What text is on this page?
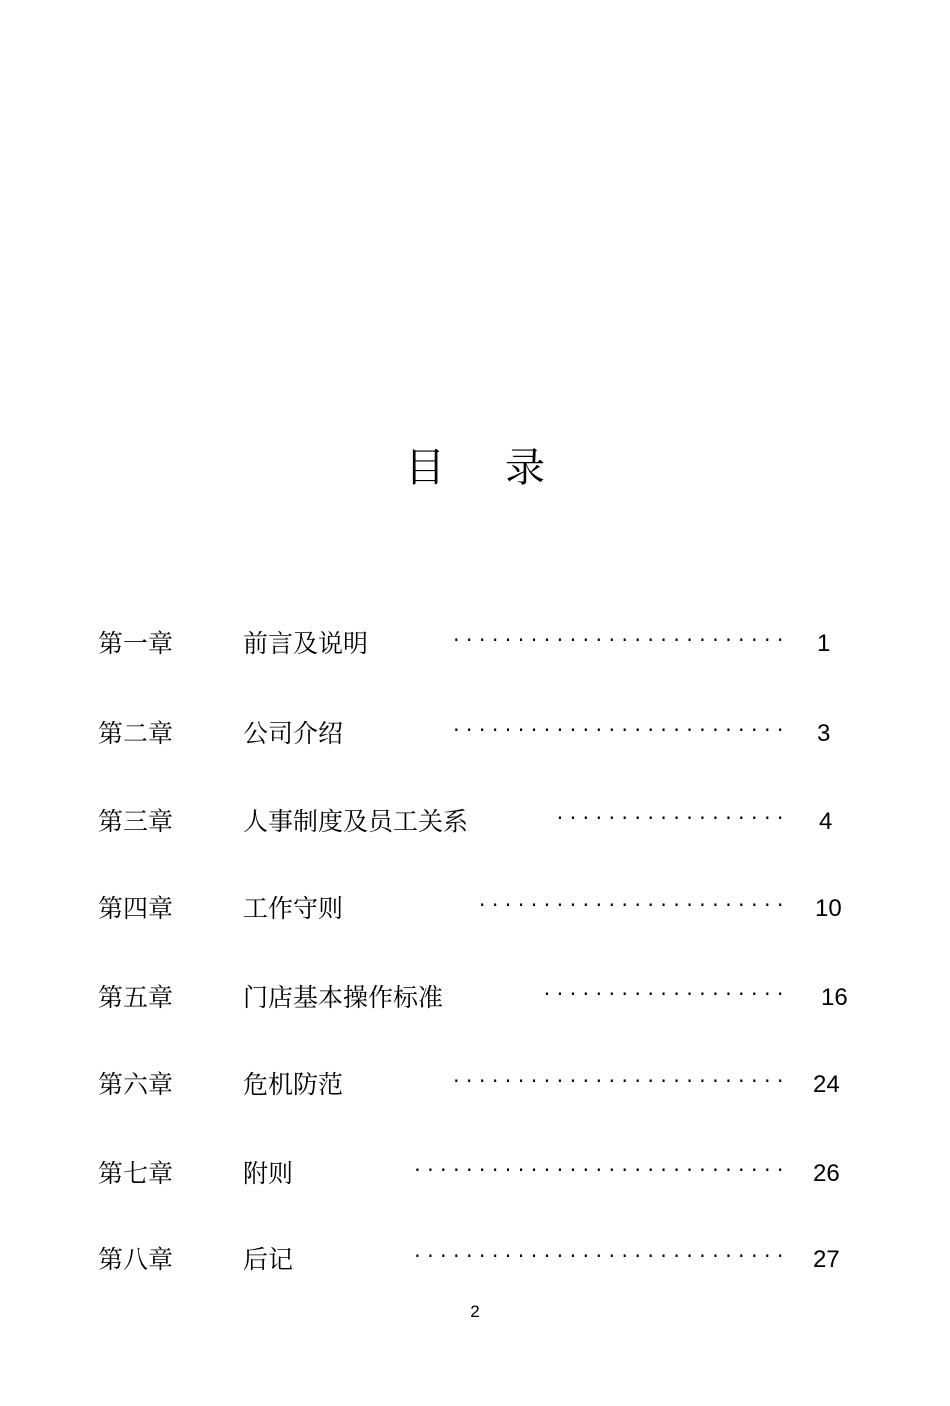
目录
第一章	前言及说明	·························· 1
第二章	公司介绍	·························· 3
第三章	人事制度及员工关系	·················· 4
第四章	工作守则	························ 10
第五章	门店基本操作标准	··················· 16
第六章	危机防范	·························· 24
第七章	附则	····························· 26
第八章	后记	····························· 27
2
